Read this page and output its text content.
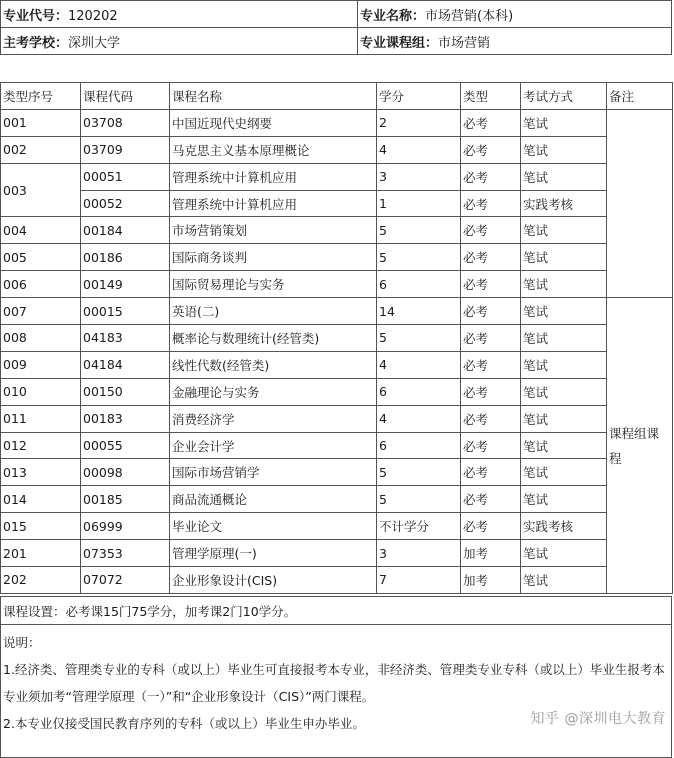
专业代号：120202	专业名称：市场营销(本科)
主考学校：深圳大学	专业课程组：市场营销
类型序号	课程代码	课程名称	学分	类型	考试方式	备注
001	03708	中国近现代史纲要	2	必考	笔试	
002	03709	马克思主义基本原理概论	4	必考	笔试	
003	00051	管理系统中计算机应用	3	必考	笔试	
	00052	管理系统中计算机应用	1	必考	实践考核	
004	00184	市场营销策划	5	必考	笔试	
005	00186	国际商务谈判	5	必考	笔试	
006	00149	国际贸易理论与实务	6	必考	笔试	
007	00015	英语(二)	14	必考	笔试	课程组课程
008	04183	概率论与数理统计(经管类)	5	必考	笔试	
009	04184	线性代数(经管类)	4	必考	笔试	
010	00150	金融理论与实务	6	必考	笔试	
011	00183	消费经济学	4	必考	笔试	
012	00055	企业会计学	6	必考	笔试	
013	00098	国际市场营销学	5	必考	笔试	
014	00185	商品流通概论	5	必考	笔试	
015	06999	毕业论文	不计学分	必考	实践考核	
201	07353	管理学原理(一)	3	加考	笔试	
202	07072	企业形象设计(CIS)	7	加考	笔试	
课程设置：必考课15门75学分，加考课2门10学分。

说明：

1.经济类、管理类专业的专科（或以上）毕业生可直接报考本专业，非经济类、管理类专业专科（或以上）毕业生报考本专业须加考“管理学原理（一）”和“企业形象设计（CIS）”两门课程。

2.本专业仅接受国民教育序列的专科（或以上）毕业生申办毕业。	知乎 @深圳电大教育
